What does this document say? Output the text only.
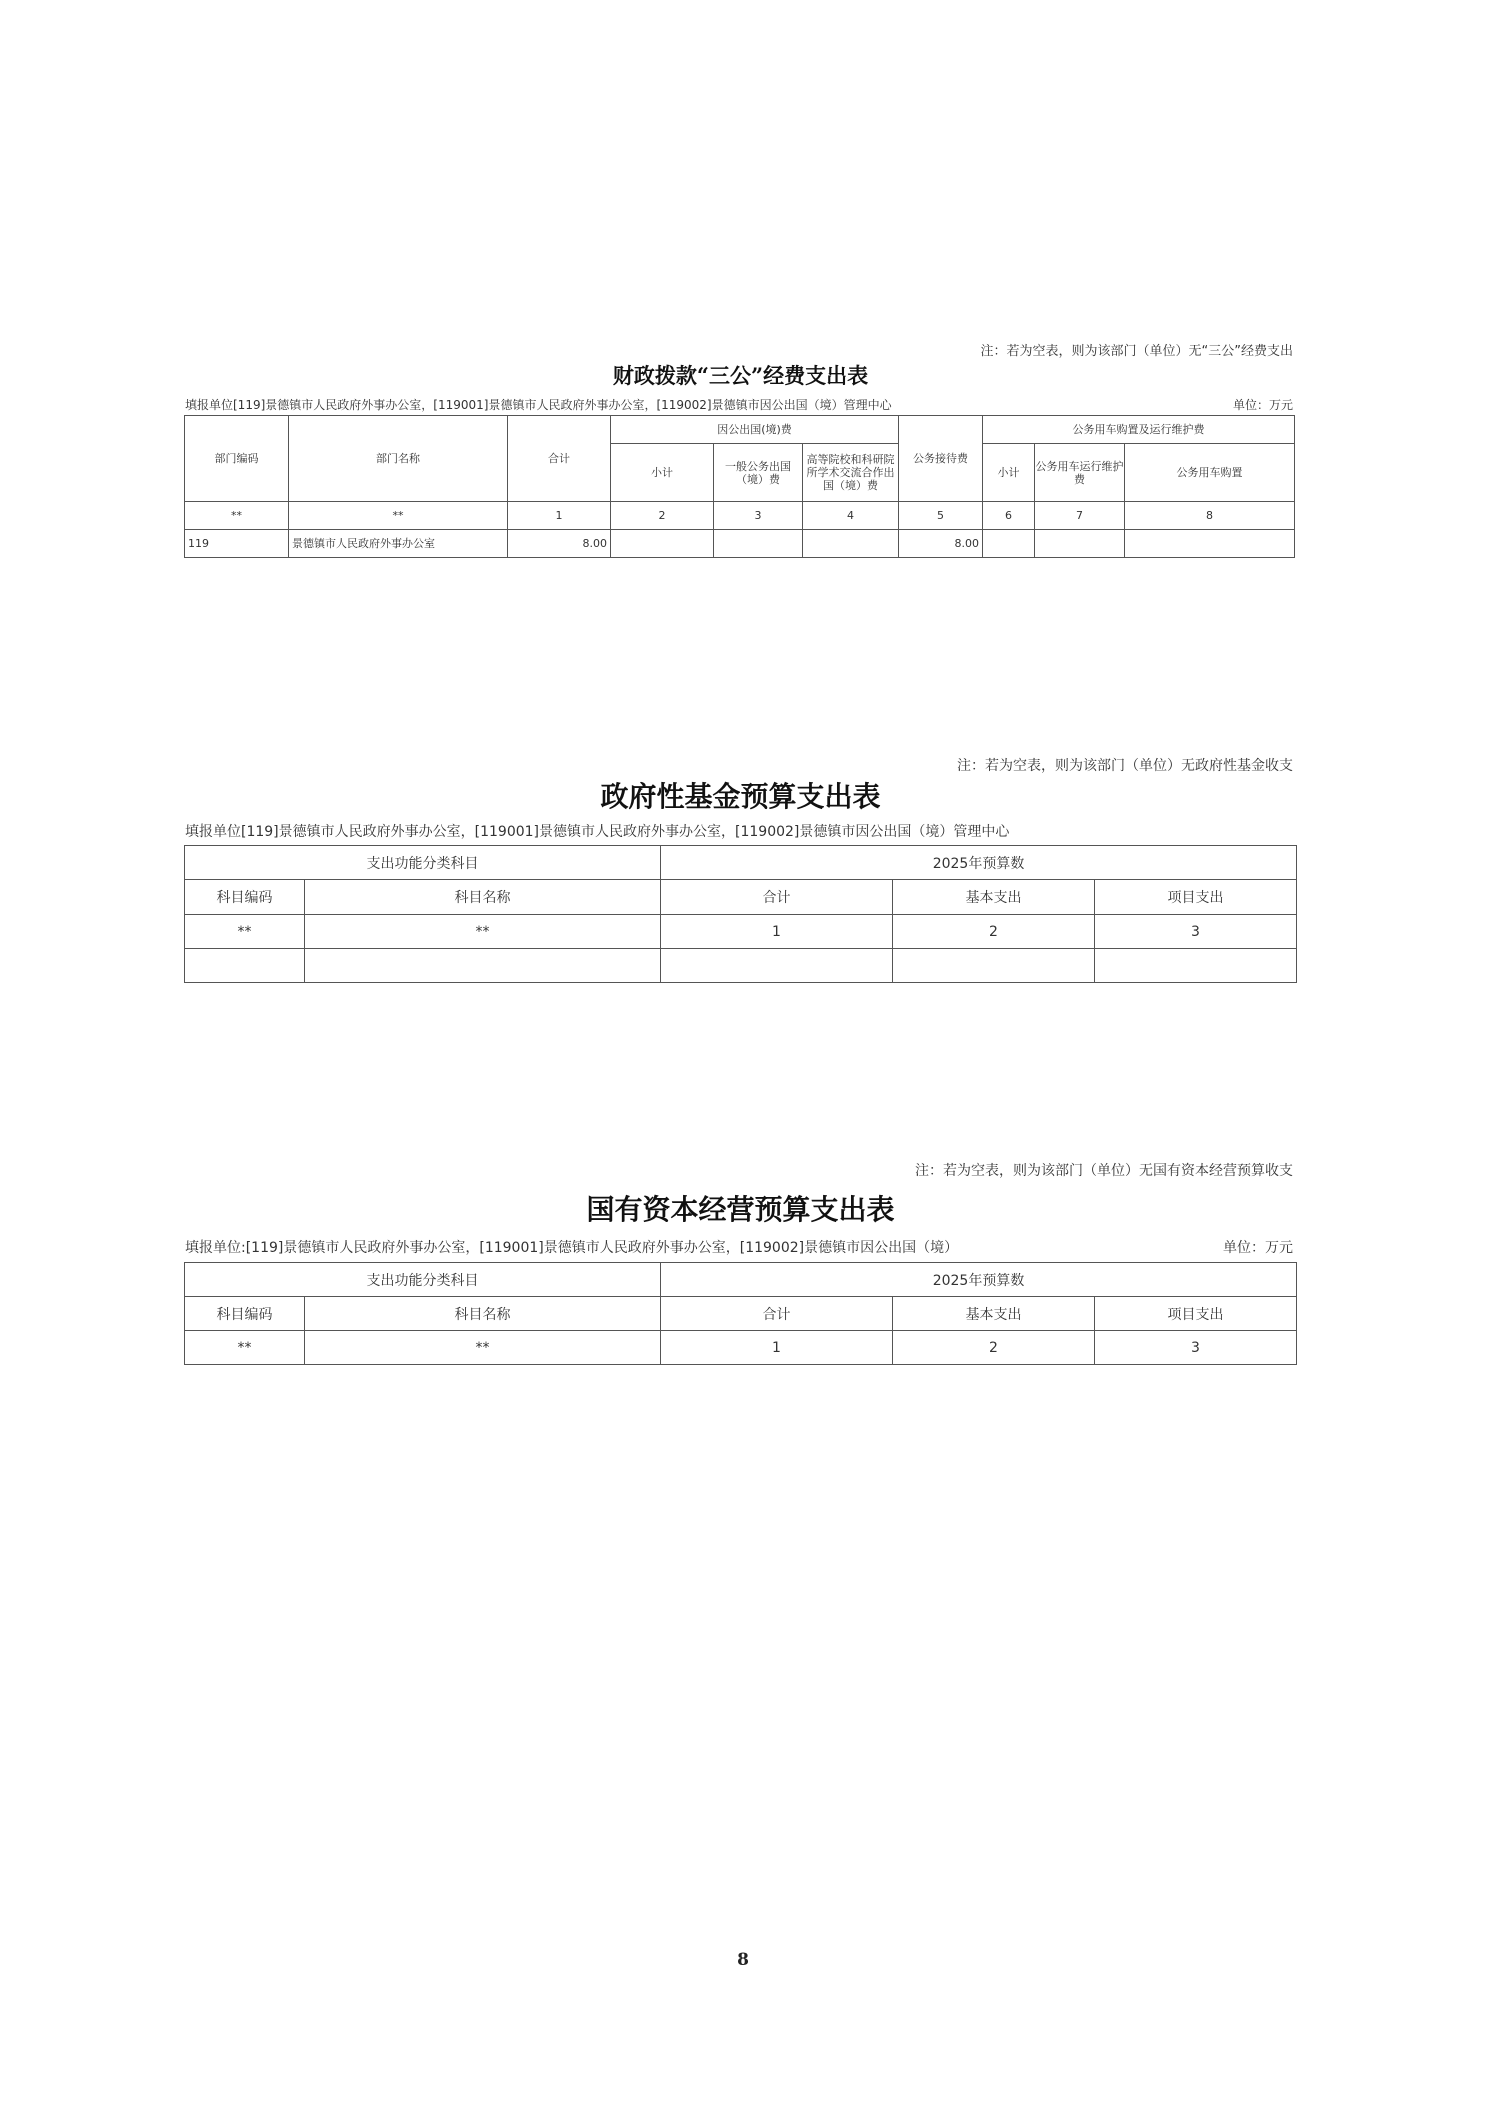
注：若为空表，则为该部门（单位）无“三公”经费支出
财政拨款“三公”经费支出表
填报单位[119]景德镇市人民政府外事办公室，[119001]景德镇市人民政府外事办公室，[119002]景德镇市因公出国（境）管理中心	单位：万元
部门编码	部门名称	合计	因公出国(境)费			公务接待费	公务用车购置及运行维护费		
			小计	一般公务出国（境）费	高等院校和科研院所学术交流合作出国（境）费		小计	公务用车运行维护费	公务用车购置
**	**	1	2	3	4	5	6	7	8
119	景德镇市人民政府外事办公室	8.00				8.00			
注：若为空表，则为该部门（单位）无政府性基金收支
政府性基金预算支出表
填报单位[119]景德镇市人民政府外事办公室，[119001]景德镇市人民政府外事办公室，[119002]景德镇市因公出国（境）管理中心
支出功能分类科目		2025年预算数		
科目编码	科目名称	合计	基本支出	项目支出
**	**	1	2	3

注：若为空表，则为该部门（单位）无国有资本经营预算收支
国有资本经营预算支出表
填报单位:[119]景德镇市人民政府外事办公室，[119001]景德镇市人民政府外事办公室，[119002]景德镇市因公出国（境）	单位：万元
支出功能分类科目		2025年预算数		
科目编码	科目名称	合计	基本支出	项目支出
**	**	1	2	3
8
